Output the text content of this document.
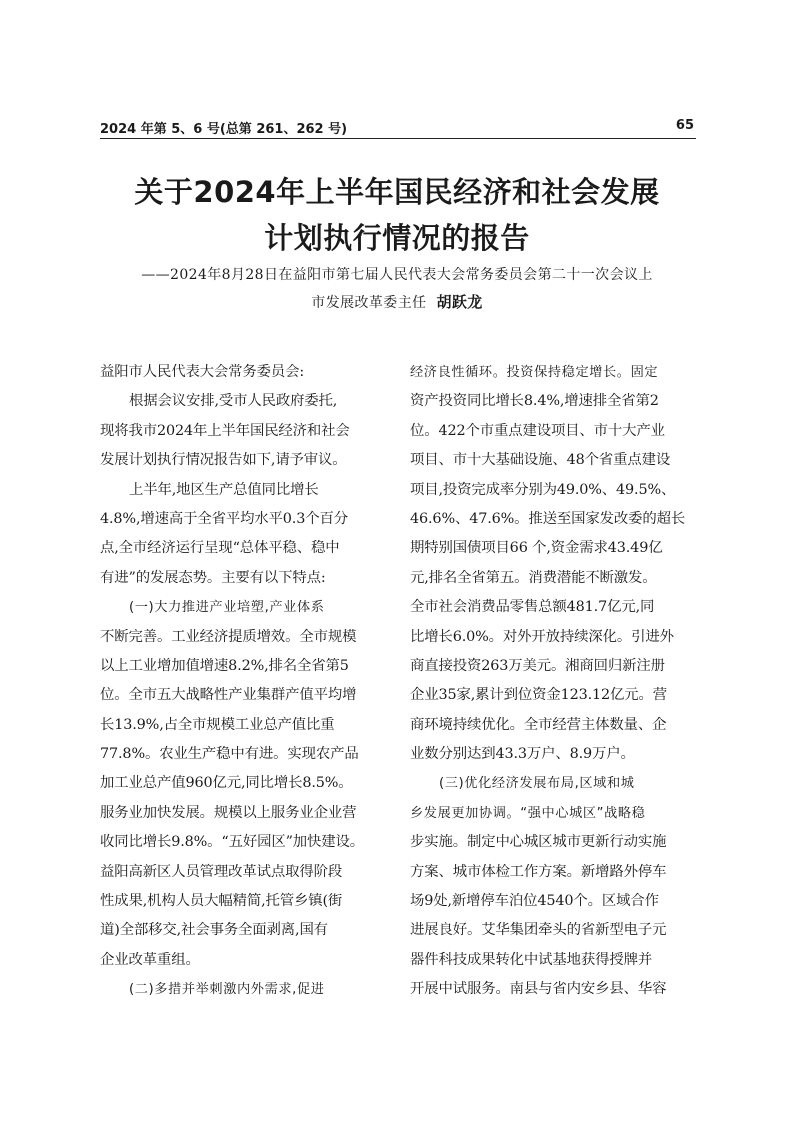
2024 年第 5、6 号(总第 261、262 号)	65
关于2024年上半年国民经济和社会发展
计划执行情况的报告
——2024年8月28日在益阳市第七届人民代表大会常务委员会第二十一次会议上
市发展改革委主任 胡跃龙
益阳市人民代表大会常务委员会:
根据会议安排,受市人民政府委托,
现将我市2024年上半年国民经济和社会
发展计划执行情况报告如下,请予审议。
上半年,地区生产总值同比增长
4.8%,增速高于全省平均水平0.3个百分
点,全市经济运行呈现“总体平稳、稳中
有进”的发展态势。主要有以下特点:
(一)大力推进产业培塑,产业体系
不断完善。工业经济提质增效。全市规模
以上工业增加值增速8.2%,排名全省第5
位。全市五大战略性产业集群产值平均增
长13.9%,占全市规模工业总产值比重
77.8%。农业生产稳中有进。实现农产品
加工业总产值960亿元,同比增长8.5%。
服务业加快发展。规模以上服务业企业营
收同比增长9.8%。“五好园区”加快建设。
益阳高新区人员管理改革试点取得阶段
性成果,机构人员大幅精简,托管乡镇(街
道)全部移交,社会事务全面剥离,国有
企业改革重组。
(二)多措并举刺激内外需求,促进
经济良性循环。投资保持稳定增长。固定
资产投资同比增长8.4%,增速排全省第2
位。422个市重点建设项目、市十大产业
项目、市十大基础设施、48个省重点建设
项目,投资完成率分别为49.0%、49.5%、
46.6%、47.6%。推送至国家发改委的超长
期特别国债项目66 个,资金需求43.49亿
元,排名全省第五。消费潜能不断激发。
全市社会消费品零售总额481.7亿元,同
比增长6.0%。对外开放持续深化。引进外
商直接投资263万美元。湘商回归新注册
企业35家,累计到位资金123.12亿元。营
商环境持续优化。全市经营主体数量、企
业数分别达到43.3万户、8.9万户。
(三)优化经济发展布局,区域和城
乡发展更加协调。“强中心城区”战略稳
步实施。制定中心城区城市更新行动实施
方案、城市体检工作方案。新增路外停车
场9处,新增停车泊位4540个。区域合作
进展良好。艾华集团牵头的省新型电子元
器件科技成果转化中试基地获得授牌并
开展中试服务。南县与省内安乡县、华容
